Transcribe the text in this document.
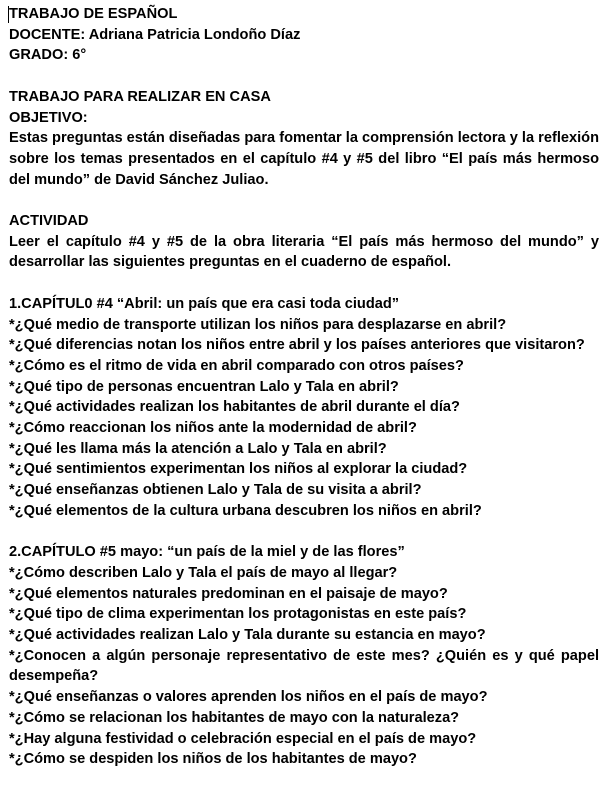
TRABAJO DE ESPAÑOL

DOCENTE: Adriana Patricia Londoño Díaz

GRADO: 6°

TRABAJO PARA REALIZAR EN CASA

OBJETIVO:

Estas preguntas están diseñadas para fomentar la comprensión lectora y la reflexión sobre los temas presentados en el capítulo #4 y #5 del libro “El país más hermoso del mundo” de David Sánchez Juliao.

ACTIVIDAD

Leer el capítulo #4 y #5 de la obra literaria “El país más hermoso del mundo” y desarrollar las siguientes preguntas en el cuaderno de español.

1.CAPÍTUL0 #4 “Abril: un país que era casi toda ciudad”

*¿Qué medio de transporte utilizan los niños para desplazarse en abril?

*¿Qué diferencias notan los niños entre abril y los países anteriores que visitaron?

*¿Cómo es el ritmo de vida en abril comparado con otros países?

*¿Qué tipo de personas encuentran Lalo y Tala en abril?

*¿Qué actividades realizan los habitantes de abril durante el día?

*¿Cómo reaccionan los niños ante la modernidad de abril?

*¿Qué les llama más la atención a Lalo y Tala en abril?

*¿Qué sentimientos experimentan los niños al explorar la ciudad?

*¿Qué enseñanzas obtienen Lalo y Tala de su visita a abril?

*¿Qué elementos de la cultura urbana descubren los niños en abril?

2.CAPÍTULO #5 mayo: “un país de la miel y de las flores”

*¿Cómo describen Lalo y Tala el país de mayo al llegar?

*¿Qué elementos naturales predominan en el paisaje de mayo?

*¿Qué tipo de clima experimentan los protagonistas en este país?

*¿Qué actividades realizan Lalo y Tala durante su estancia en mayo?

*¿Conocen a algún personaje representativo de este mes? ¿Quién es y qué papel desempeña?

*¿Qué enseñanzas o valores aprenden los niños en el país de mayo?

*¿Cómo se relacionan los habitantes de mayo con la naturaleza?

*¿Hay alguna festividad o celebración especial en el país de mayo?

*¿Cómo se despiden los niños de los habitantes de mayo?
